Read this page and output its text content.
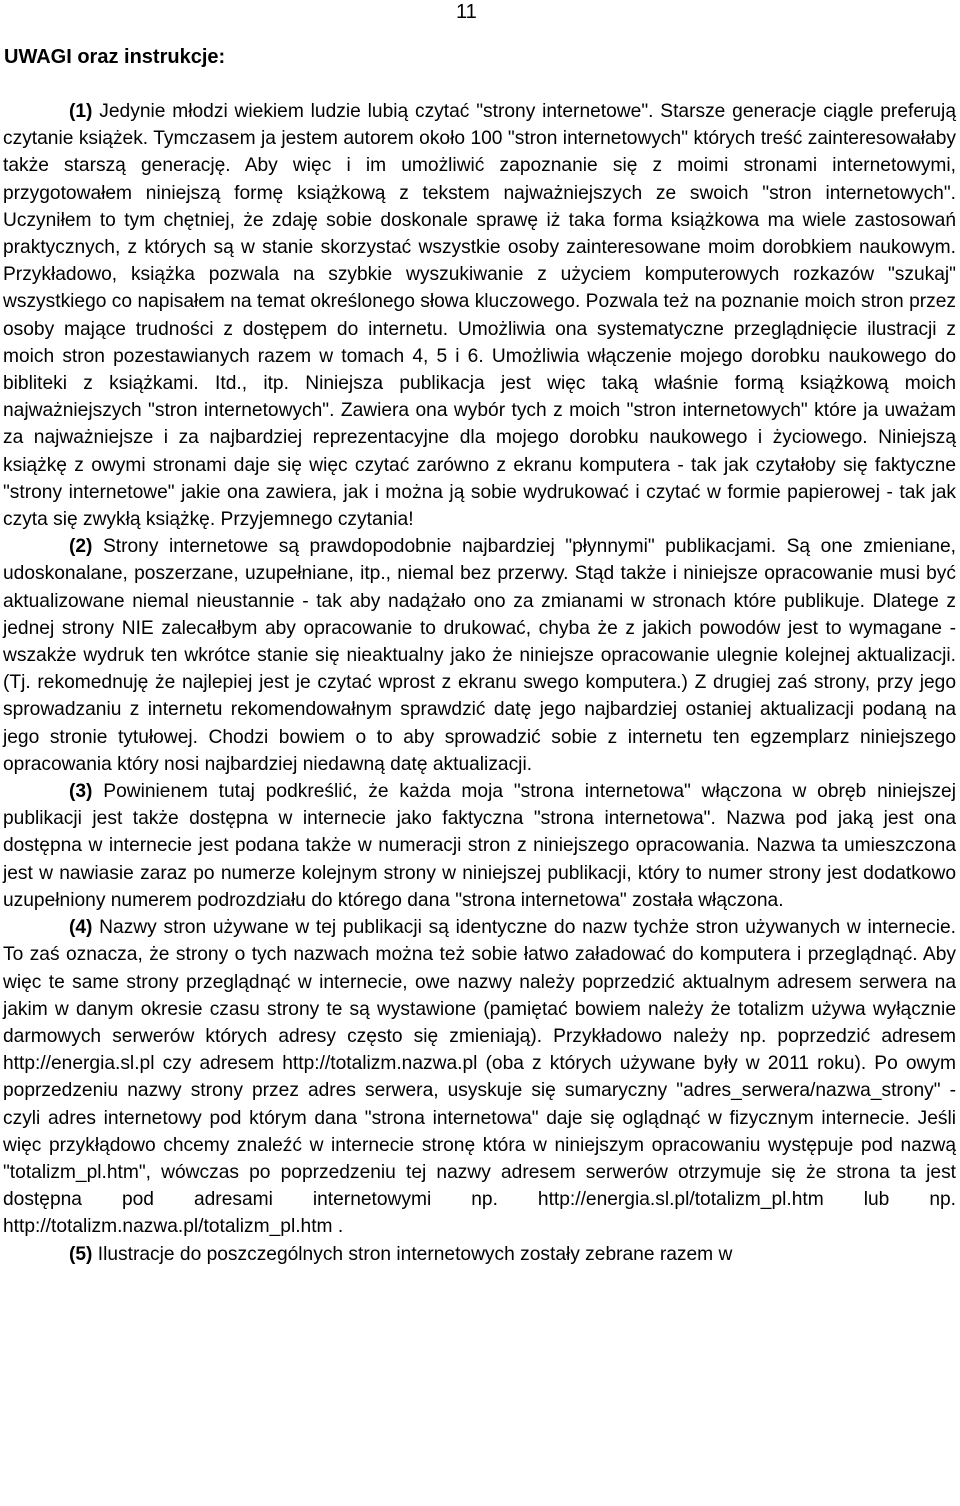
11
UWAGI oraz instrukcje:

(1) Jedynie młodzi wiekiem ludzie lubią czytać "strony internetowe". Starsze generacje ciągle preferują czytanie książek. Tymczasem ja jestem autorem około 100 "stron internetowych" których treść zainteresowałaby także starszą generację. Aby więc i im umożliwić zapoznanie się z moimi stronami internetowymi, przygotowałem niniejszą formę książkową z tekstem najważniejszych ze swoich "stron internetowych". Uczyniłem to tym chętniej, że zdaję sobie doskonale sprawę iż taka forma książkowa ma wiele zastosowań praktycznych, z których są w stanie skorzystać wszystkie osoby zainteresowane moim dorobkiem naukowym. Przykładowo, książka pozwala na szybkie wyszukiwanie z użyciem komputerowych rozkazów "szukaj" wszystkiego co napisałem na temat określonego słowa kluczowego. Pozwala też na poznanie moich stron przez osoby mające trudności z dostępem do internetu. Umożliwia ona systematyczne przeglądnięcie ilustracji z moich stron pozestawianych razem w tomach 4, 5 i 6. Umożliwia włączenie mojego dorobku naukowego do bibliteki z książkami. Itd., itp. Niniejsza publikacja jest więc taką właśnie formą książkową moich najważniejszych "stron internetowych". Zawiera ona wybór tych z moich "stron internetowych" które ja uważam za najważniejsze i za najbardziej reprezentacyjne dla mojego dorobku naukowego i życiowego. Niniejszą książkę z owymi stronami daje się więc czytać zarówno z ekranu komputera - tak jak czytałoby się faktyczne "strony internetowe" jakie ona zawiera, jak i można ją sobie wydrukować i czytać w formie papierowej - tak jak czyta się zwykłą książkę. Przyjemnego czytania!

(2) Strony internetowe są prawdopodobnie najbardziej "płynnymi" publikacjami. Są one zmieniane, udoskonalane, poszerzane, uzupełniane, itp., niemal bez przerwy. Stąd także i niniejsze opracowanie musi być aktualizowane niemal nieustannie - tak aby nadążało ono za zmianami w stronach które publikuje. Dlatege z jednej strony NIE zalecałbym aby opracowanie to drukować, chyba że z jakich powodów jest to wymagane - wszakże wydruk ten wkrótce stanie się nieaktualny jako że niniejsze opracowanie ulegnie kolejnej aktualizacji. (Tj. rekomednuję że najlepiej jest je czytać wprost z ekranu swego komputera.) Z drugiej zaś strony, przy jego sprowadzaniu z internetu rekomendowałnym sprawdzić datę jego najbardziej ostaniej aktualizacji podaną na jego stronie tytułowej. Chodzi bowiem o to aby sprowadzić sobie z internetu ten egzemplarz niniejszego opracowania który nosi najbardziej niedawną datę aktualizacji.

(3) Powinienem tutaj podkreślić, że każda moja "strona internetowa" włączona w obręb niniejszej publikacji jest także dostępna w internecie jako faktyczna "strona internetowa". Nazwa pod jaką jest ona dostępna w internecie jest podana także w numeracji stron z niniejszego opracowania. Nazwa ta umieszczona jest w nawiasie zaraz po numerze kolejnym strony w niniejszej publikacji, który to numer strony jest dodatkowo uzupełniony numerem podrozdziału do którego dana "strona internetowa" została włączona.

(4) Nazwy stron używane w tej publikacji są identyczne do nazw tychże stron używanych w internecie. To zaś oznacza, że strony o tych nazwach można też sobie łatwo załadować do komputera i przeglądnąć. Aby więc te same strony przeglądnąć w internecie, owe nazwy należy poprzedzić aktualnym adresem serwera na jakim w danym okresie czasu strony te są wystawione (pamiętać bowiem należy że totalizm używa wyłącznie darmowych serwerów których adresy często się zmieniają). Przykładowo należy np. poprzedzić adresem http://energia.sl.pl czy adresem http://totalizm.nazwa.pl (oba z których używane były w 2011 roku). Po owym poprzedzeniu nazwy strony przez adres serwera, usyskuje się sumaryczny "adres_serwera/nazwa_strony" - czyli adres internetowy pod którym dana "strona internetowa" daje się oglądnąć w fizycznym internecie. Jeśli więc przykłądowo chcemy znaleźć w internecie stronę która w niniejszym opracowaniu występuje pod nazwą "totalizm_pl.htm", wówczas po poprzedzeniu tej nazwy adresem serwerów otrzymuje się że strona ta jest dostępna pod adresami internetowymi np. http://energia.sl.pl/totalizm_pl.htm lub np. http://totalizm.nazwa.pl/totalizm_pl.htm .

(5) Ilustracje do poszczególnych stron internetowych zostały zebrane razem w
